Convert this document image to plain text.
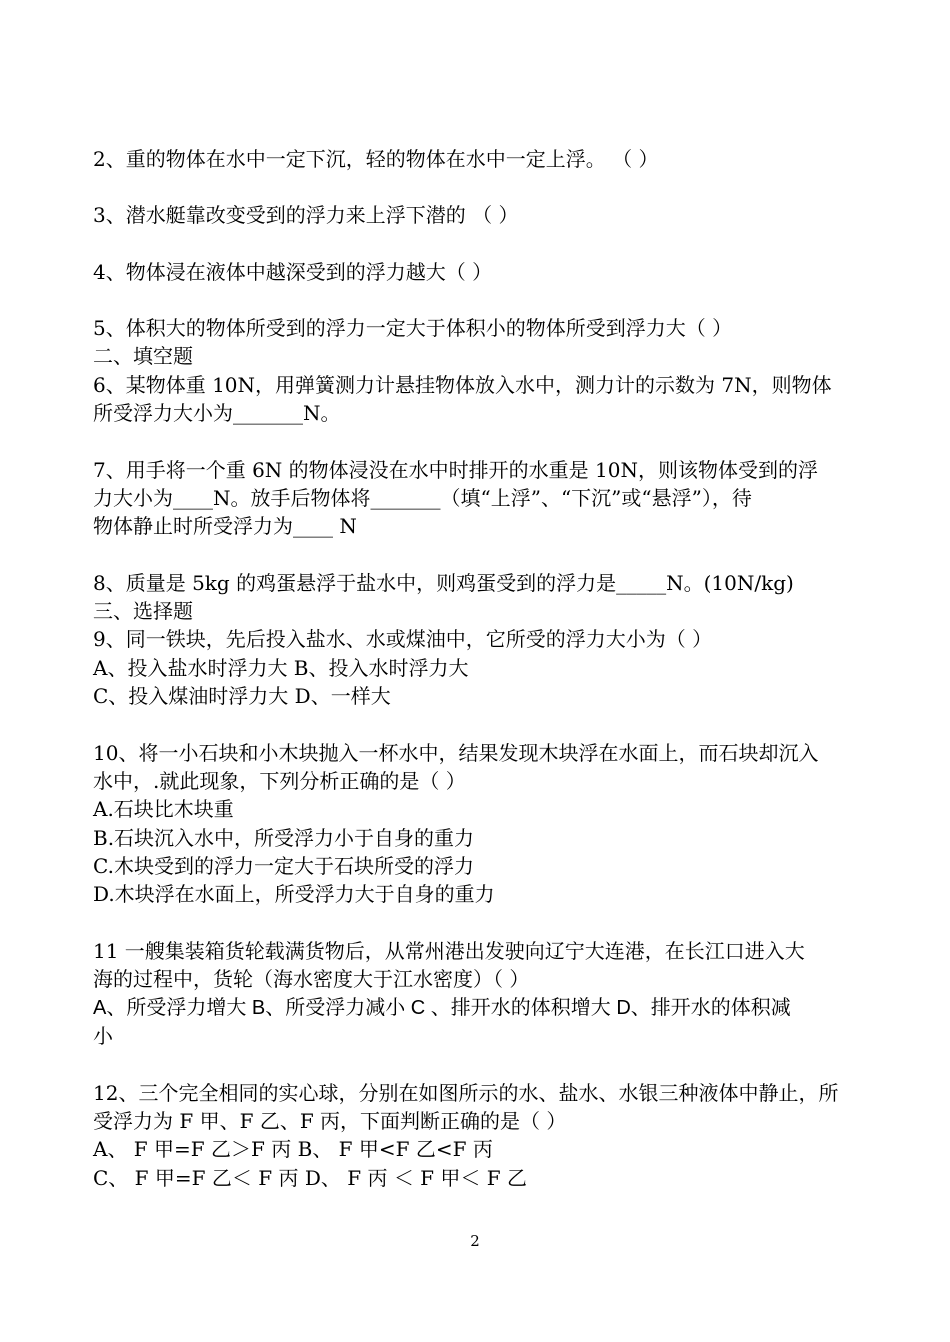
2、重的物体在水中一定下沉，轻的物体在水中一定上浮。 （ ）
3、潜水艇靠改变受到的浮力来上浮下潜的 （ ）
4、物体浸在液体中越深受到的浮力越大（ ）
5、体积大的物体所受到的浮力一定大于体积小的物体所受到浮力大（ ）
二、填空题
6、某物体重 10N，用弹簧测力计悬挂物体放入水中，测力计的示数为 7N，则物体
所受浮力大小为_______N。
7、用手将一个重 6N 的物体浸没在水中时排开的水重是 10N，则该物体受到的浮
力大小为____N。放手后物体将_______（填“上浮”、“下沉”或“悬浮”），待
物体静止时所受浮力为____ N
8、质量是 5kg 的鸡蛋悬浮于盐水中，则鸡蛋受到的浮力是_____N。(10N/kg)
三、选择题
9、同一铁块，先后投入盐水、水或煤油中，它所受的浮力大小为（ ）
A、投入盐水时浮力大 B、投入水时浮力大
C、投入煤油时浮力大 D、一样大
10、将一小石块和小木块抛入一杯水中，结果发现木块浮在水面上，而石块却沉入
水中，.就此现象，下列分析正确的是（ ）
A.石块比木块重
B.石块沉入水中，所受浮力小于自身的重力
C.木块受到的浮力一定大于石块所受的浮力
D.木块浮在水面上，所受浮力大于自身的重力
11 一艘集装箱货轮载满货物后，从常州港出发驶向辽宁大连港，在长江口进入大
海的过程中，货轮（海水密度大于江水密度）（ ）
A、所受浮力增大 B、所受浮力减小 C 、排开水的体积增大 D、排开水的体积减
小
12、三个完全相同的实心球，分别在如图所示的水、盐水、水银三种液体中静止，所
受浮力为 F 甲、F 乙、F 丙，下面判断正确的是（ ）
A、 F 甲=F 乙＞F 丙 B、 F 甲<F 乙<F 丙
C、 F 甲=F 乙＜ F 丙 D、 F 丙 ＜ F 甲＜ F 乙
2
